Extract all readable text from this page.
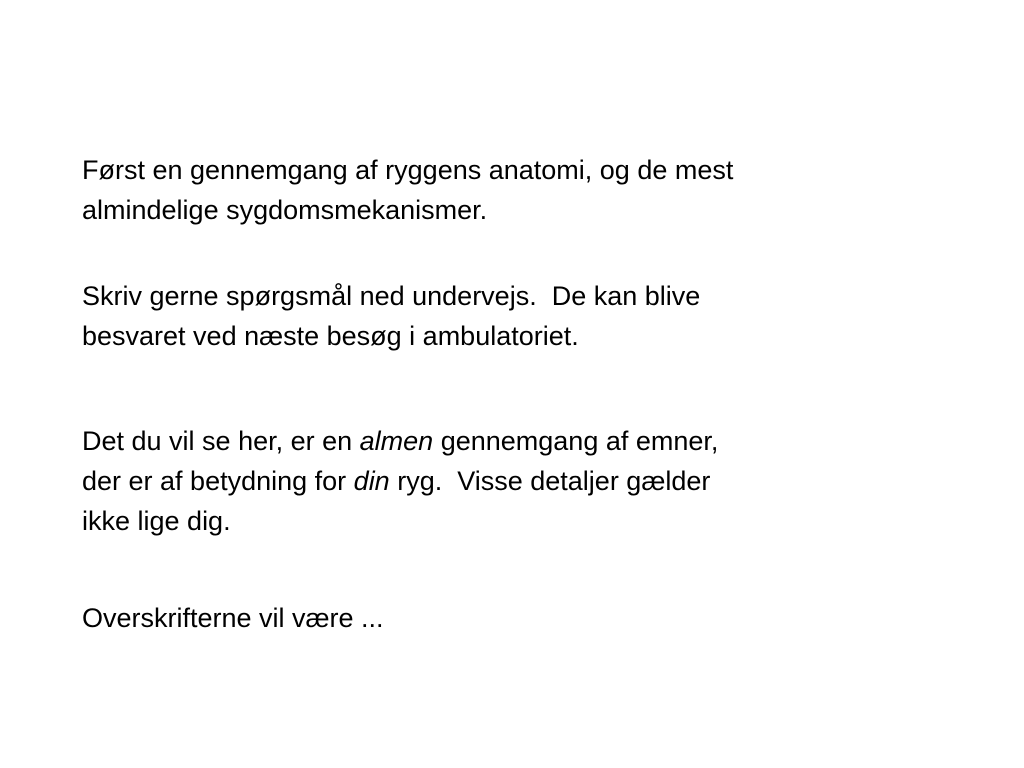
Først en gennemgang af ryggens anatomi, og de mest
almindelige sygdomsmekanismer.

Skriv gerne spørgsmål ned undervejs.  De kan blive
besvaret ved næste besøg i ambulatoriet.

Det du vil se her, er en almen gennemgang af emner,
der er af betydning for din ryg.  Visse detaljer gælder
ikke lige dig.

Overskrifterne vil være ...
